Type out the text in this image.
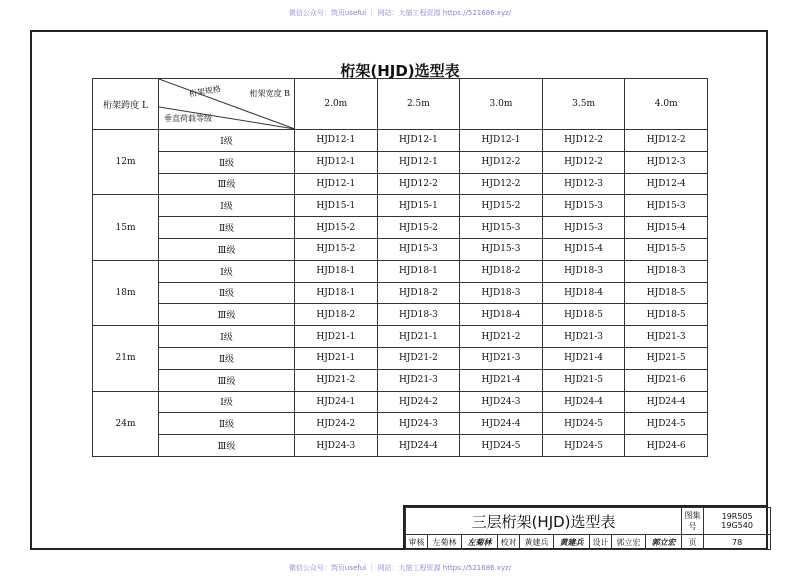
微信公众号：筑页useful ｜ 网站：大筋工程资源 https://521686.xyz/
桁架(HJD)选型表
桁架跨度 L	桁架规格 桁架宽度 B
垂直荷载等级	2.0m	2.5m	3.0m	3.5m	4.0m
12m	Ⅰ级	HJD12-1	HJD12-1	HJD12-1	HJD12-2	HJD12-2
	Ⅱ级	HJD12-1	HJD12-1	HJD12-2	HJD12-2	HJD12-3
	Ⅲ级	HJD12-1	HJD12-2	HJD12-2	HJD12-3	HJD12-4
15m	Ⅰ级	HJD15-1	HJD15-1	HJD15-2	HJD15-3	HJD15-3
	Ⅱ级	HJD15-2	HJD15-2	HJD15-3	HJD15-3	HJD15-4
	Ⅲ级	HJD15-2	HJD15-3	HJD15-3	HJD15-4	HJD15-5
18m	Ⅰ级	HJD18-1	HJD18-1	HJD18-2	HJD18-3	HJD18-3
	Ⅱ级	HJD18-1	HJD18-2	HJD18-3	HJD18-4	HJD18-5
	Ⅲ级	HJD18-2	HJD18-3	HJD18-4	HJD18-5	HJD18-5
21m	Ⅰ级	HJD21-1	HJD21-1	HJD21-2	HJD21-3	HJD21-3
	Ⅱ级	HJD21-1	HJD21-2	HJD21-3	HJD21-4	HJD21-5
	Ⅲ级	HJD21-2	HJD21-3	HJD21-4	HJD21-5	HJD21-6
24m	Ⅰ级	HJD24-1	HJD24-2	HJD24-3	HJD24-4	HJD24-4
	Ⅱ级	HJD24-2	HJD24-3	HJD24-4	HJD24-5	HJD24-5
	Ⅲ级	HJD24-3	HJD24-4	HJD24-5	HJD24-5	HJD24-6
三层桁架(HJD)选型表									图集号	19R505
19G540

审核	左菊林	左菊林	校对	黄建兵	黄建兵	设计	郭立宏	郭立宏	页	78
微信公众号：筑页useful ｜ 网站：大筋工程资源 https://521686.xyz/
